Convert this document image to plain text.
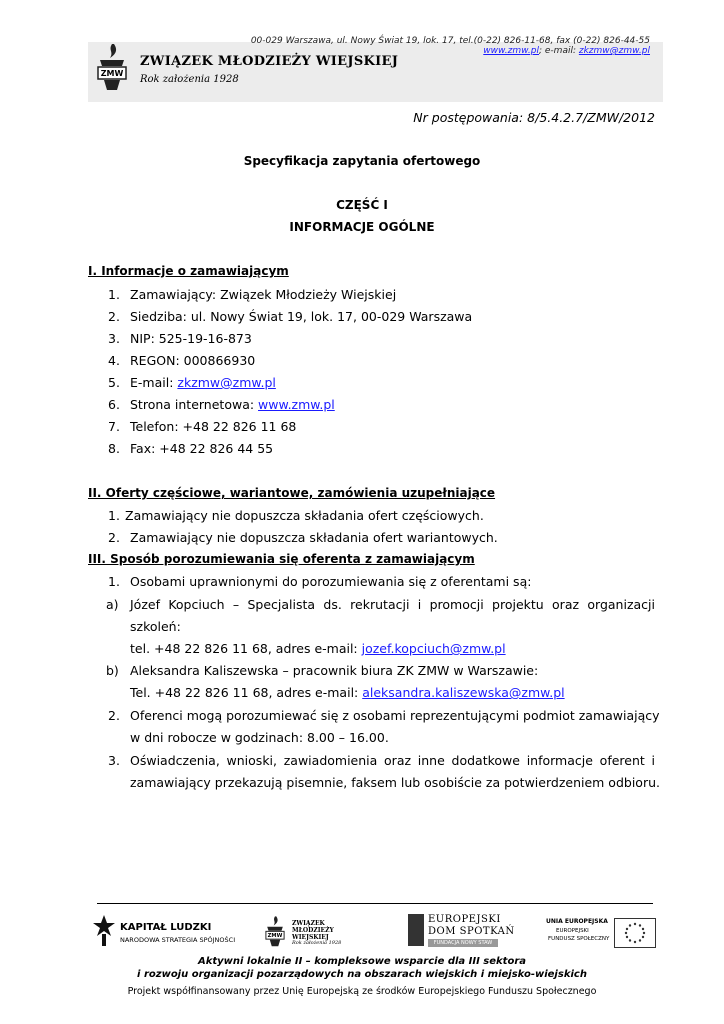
00-029 Warszawa, ul. Nowy Świat 19, lok. 17, tel.(0-22) 826-11-68, fax (0-22) 826-44-55
www.zmw.pl; e-mail: zkzmw@zmw.pl
ZMW
ZWIĄZEK MŁODZIEŻY WIEJSKIEJ
Rok założenia 1928
Nr postępowania: 8/5.4.2.7/ZMW/2012
Specyfikacja zapytania ofertowego
CZĘŚĆ I
INFORMACJE OGÓLNE
I. Informacje o zamawiającym
1. Zamawiający: Związek Młodzieży Wiejskiej
2. Siedziba: ul. Nowy Świat 19, lok. 17, 00-029 Warszawa
3. NIP: 525-19-16-873
4. REGON: 000866930
5. E-mail: zkzmw@zmw.pl
6. Strona internetowa: www.zmw.pl
7. Telefon: +48 22 826 11 68
8. Fax: +48 22 826 44 55
II. Oferty częściowe, wariantowe, zamówienia uzupełniające
1. Zamawiający nie dopuszcza składania ofert częściowych.
2. Zamawiający nie dopuszcza składania ofert wariantowych.
III. Sposób porozumiewania się oferenta z zamawiającym
1. Osobami uprawnionymi do porozumiewania się z oferentami są:
a) Józef Kopciuch – Specjalista ds. rekrutacji i promocji projektu oraz organizacji
szkoleń:
tel. +48 22 826 11 68, adres e-mail: jozef.kopciuch@zmw.pl
b) Aleksandra Kaliszewska – pracownik biura ZK ZMW w Warszawie:
Tel. +48 22 826 11 68, adres e-mail: aleksandra.kaliszewska@zmw.pl
2. Oferenci mogą porozumiewać się z osobami reprezentującymi podmiot zamawiający
w dni robocze w godzinach: 8.00 – 16.00.
3. Oświadczenia, wnioski, zawiadomienia oraz inne dodatkowe informacje oferent i
zamawiający przekazują pisemnie, faksem lub osobiście za potwierdzeniem odbioru.
KAPITAŁ LUDZKI
NARODOWA STRATEGIA SPÓJNOŚCI	ZMW
ZWIĄZEK MŁODZIEŻY WIEJSKIEJ
Rok założenia 1928
EUROPEJSKI
DOM SPOTKAŃ
FUNDACJA NOWY STAW
UNIA EUROPEJSKA
EUROPEJSKI
FUNDUSZ SPOŁECZNY
Aktywni lokalnie II – kompleksowe wsparcie dla III sektora
i rozwoju organizacji pozarządowych na obszarach wiejskich i miejsko-wiejskich
Projekt współfinansowany przez Unię Europejską ze środków Europejskiego Funduszu Społecznego
